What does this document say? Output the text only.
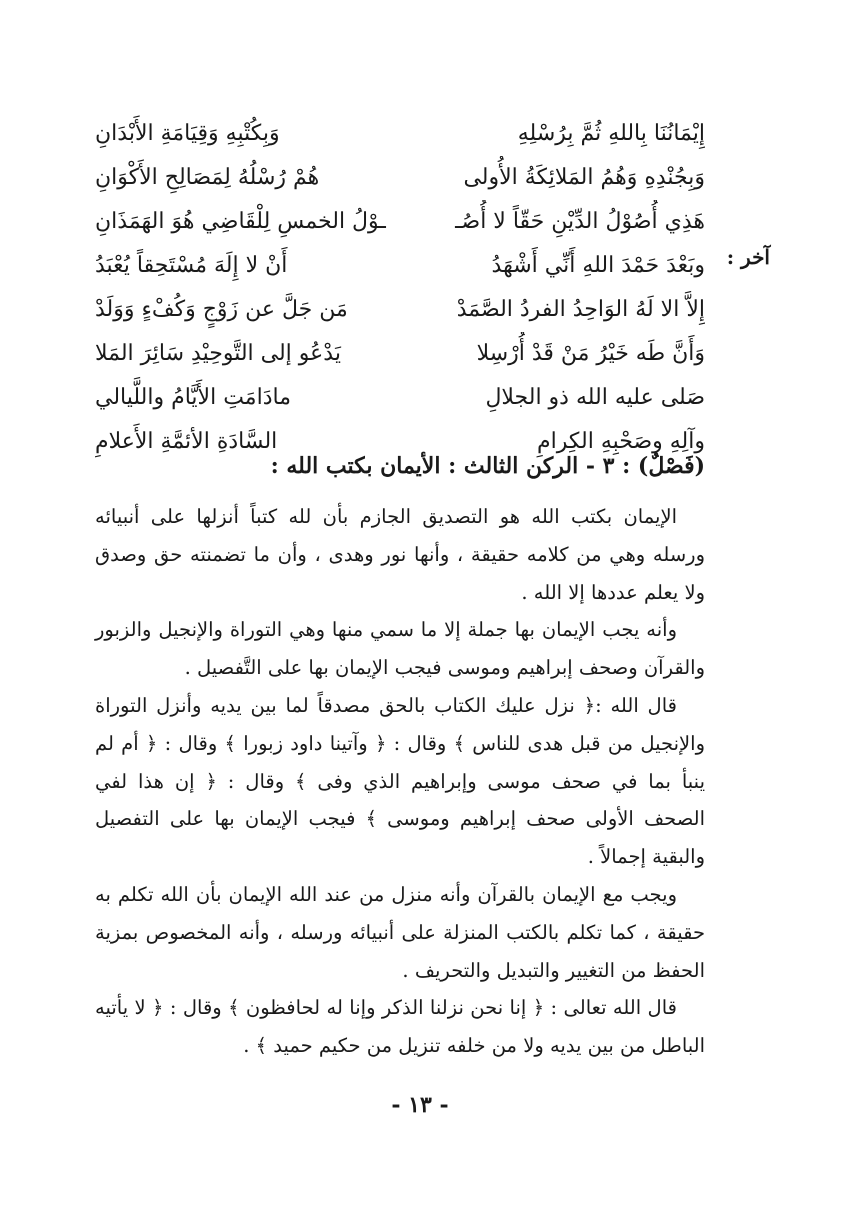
آخر :
إِيْمَانُنَا بِاللهِ ثُمَّ بِرُسْلِهِ
وَبِكُتْبِهِ وَقِيَامَةِ الأَبْدَانِ
وَبِجُنْدِهِ وَهُمُ المَلائِكَةُ الأُولى
هُمْ رُسْلُهُ لِمَصَالِحِ الأَكْوَانِ
هَذِي أُصُوْلُ الدِّيْنِ حَقّاً لا أُصُـ
ـوْلُ الخمسِ لِلْقَاضِي هُوَ الهَمَذَانِ
وبَعْدَ حَمْدَ اللهِ أَنِّي أَشْهَدُ
أَنْ لا إِلَهَ مُسْتَحِقاً يُعْبَدُ
إِلاَّ الا لَهُ الوَاحِدُ الفردُ الصَّمَدْ
مَن جَلَّ عن زَوْجٍ وَكُفْءٍ وَوَلَدْ
وَأَنَّ طَه خَيْرُ مَنْ قَدْ أُرْسِلا
يَدْعُو إلى التَّوحِيْدِ سَائِرَ المَلا
صَلى عليه الله ذو الجلالِ
مادَامَتِ الأَيَّامُ واللَّيالي
وآلِهِ وصَحْبِهِ الكِرامِ
السَّادَةِ الأئمَّةِ الأَعلامِ
(فَصْلٌ) : ٣ - الركن الثالث : الأيمان بكتب الله :

الإيمان بكتب الله هو التصديق الجازم بأن لله كتباً أنزلها على أنبيائه ورسله وهي من كلامه حقيقة ، وأنها نور وهدى ، وأن ما تضمنته حق وصدق ولا يعلم عددها إلا الله .

وأنه يجب الإيمان بها جملة إلا ما سمي منها وهي التوراة والإنجيل والزبور والقرآن وصحف إبراهيم وموسى فيجب الإيمان بها على التَّفصيل .

قال الله :﴿ نزل عليك الكتاب بالحق مصدقاً لما بين يديه وأنزل التوراة والإنجيل من قبل هدى للناس ﴾ وقال : ﴿ وآتينا داود زبورا ﴾ وقال : ﴿ أم لم ينبأ بما في صحف موسى وإبراهيم الذي وفى ﴾ وقال : ﴿ إن هذا لفي الصحف الأولى صحف إبراهيم وموسى ﴾ فيجب الإيمان بها على التفصيل والبقية إجمالاً .

ويجب مع الإيمان بالقرآن وأنه منزل من عند الله الإيمان بأن الله تكلم به حقيقة ، كما تكلم بالكتب المنزلة على أنبيائه ورسله ، وأنه المخصوص بمزية الحفظ من التغيير والتبديل والتحريف .

قال الله تعالى : ﴿ إنا نحن نزلنا الذكر وإنا له لحافظون ﴾ وقال : ﴿ لا يأتيه الباطل من بين يديه ولا من خلفه تنزيل من حكيم حميد ﴾ .

- ١٣ -
